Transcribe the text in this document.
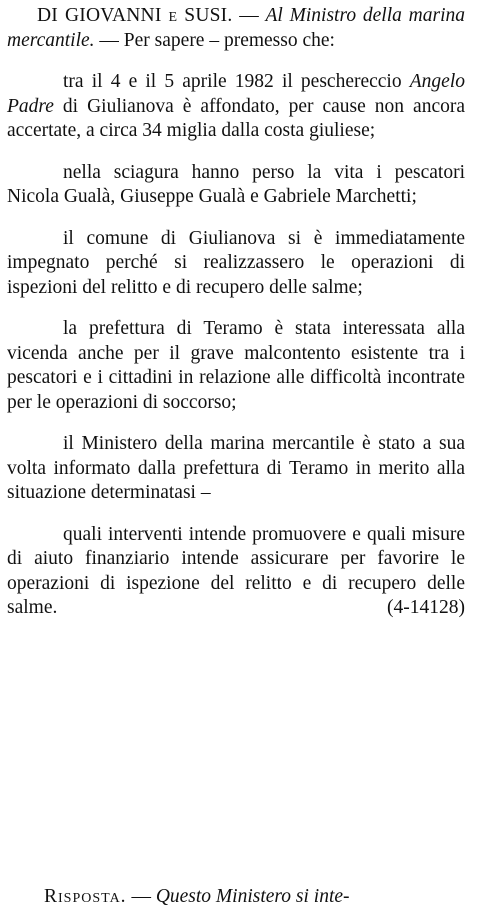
DI GIOVANNI e SUSI. — Al Ministro della marina mercantile. — Per sapere – premesso che:

tra il 4 e il 5 aprile 1982 il peschereccio Angelo Padre di Giulianova è affondato, per cause non ancora accertate, a circa 34 miglia dalla costa giuliese;

nella sciagura hanno perso la vita i pescatori Nicola Gualà, Giuseppe Gualà e Gabriele Marchetti;

il comune di Giulianova si è immediatamente impegnato perché si realizzassero le operazioni di ispezioni del relitto e di recupero delle salme;

la prefettura di Teramo è stata interessata alla vicenda anche per il grave malcontento esistente tra i pescatori e i cittadini in relazione alle difficoltà incontrate per le operazioni di soccorso;

il Ministero della marina mercantile è stato a sua volta informato dalla prefettura di Teramo in merito alla situazione determinatasi –

quali interventi intende promuovere e quali misure di aiuto finanziario intende assicurare per favorire le operazioni di ispezione del relitto e di recupero delle salme.	(4-14128)

Risposta. — Questo Ministero si inte-
